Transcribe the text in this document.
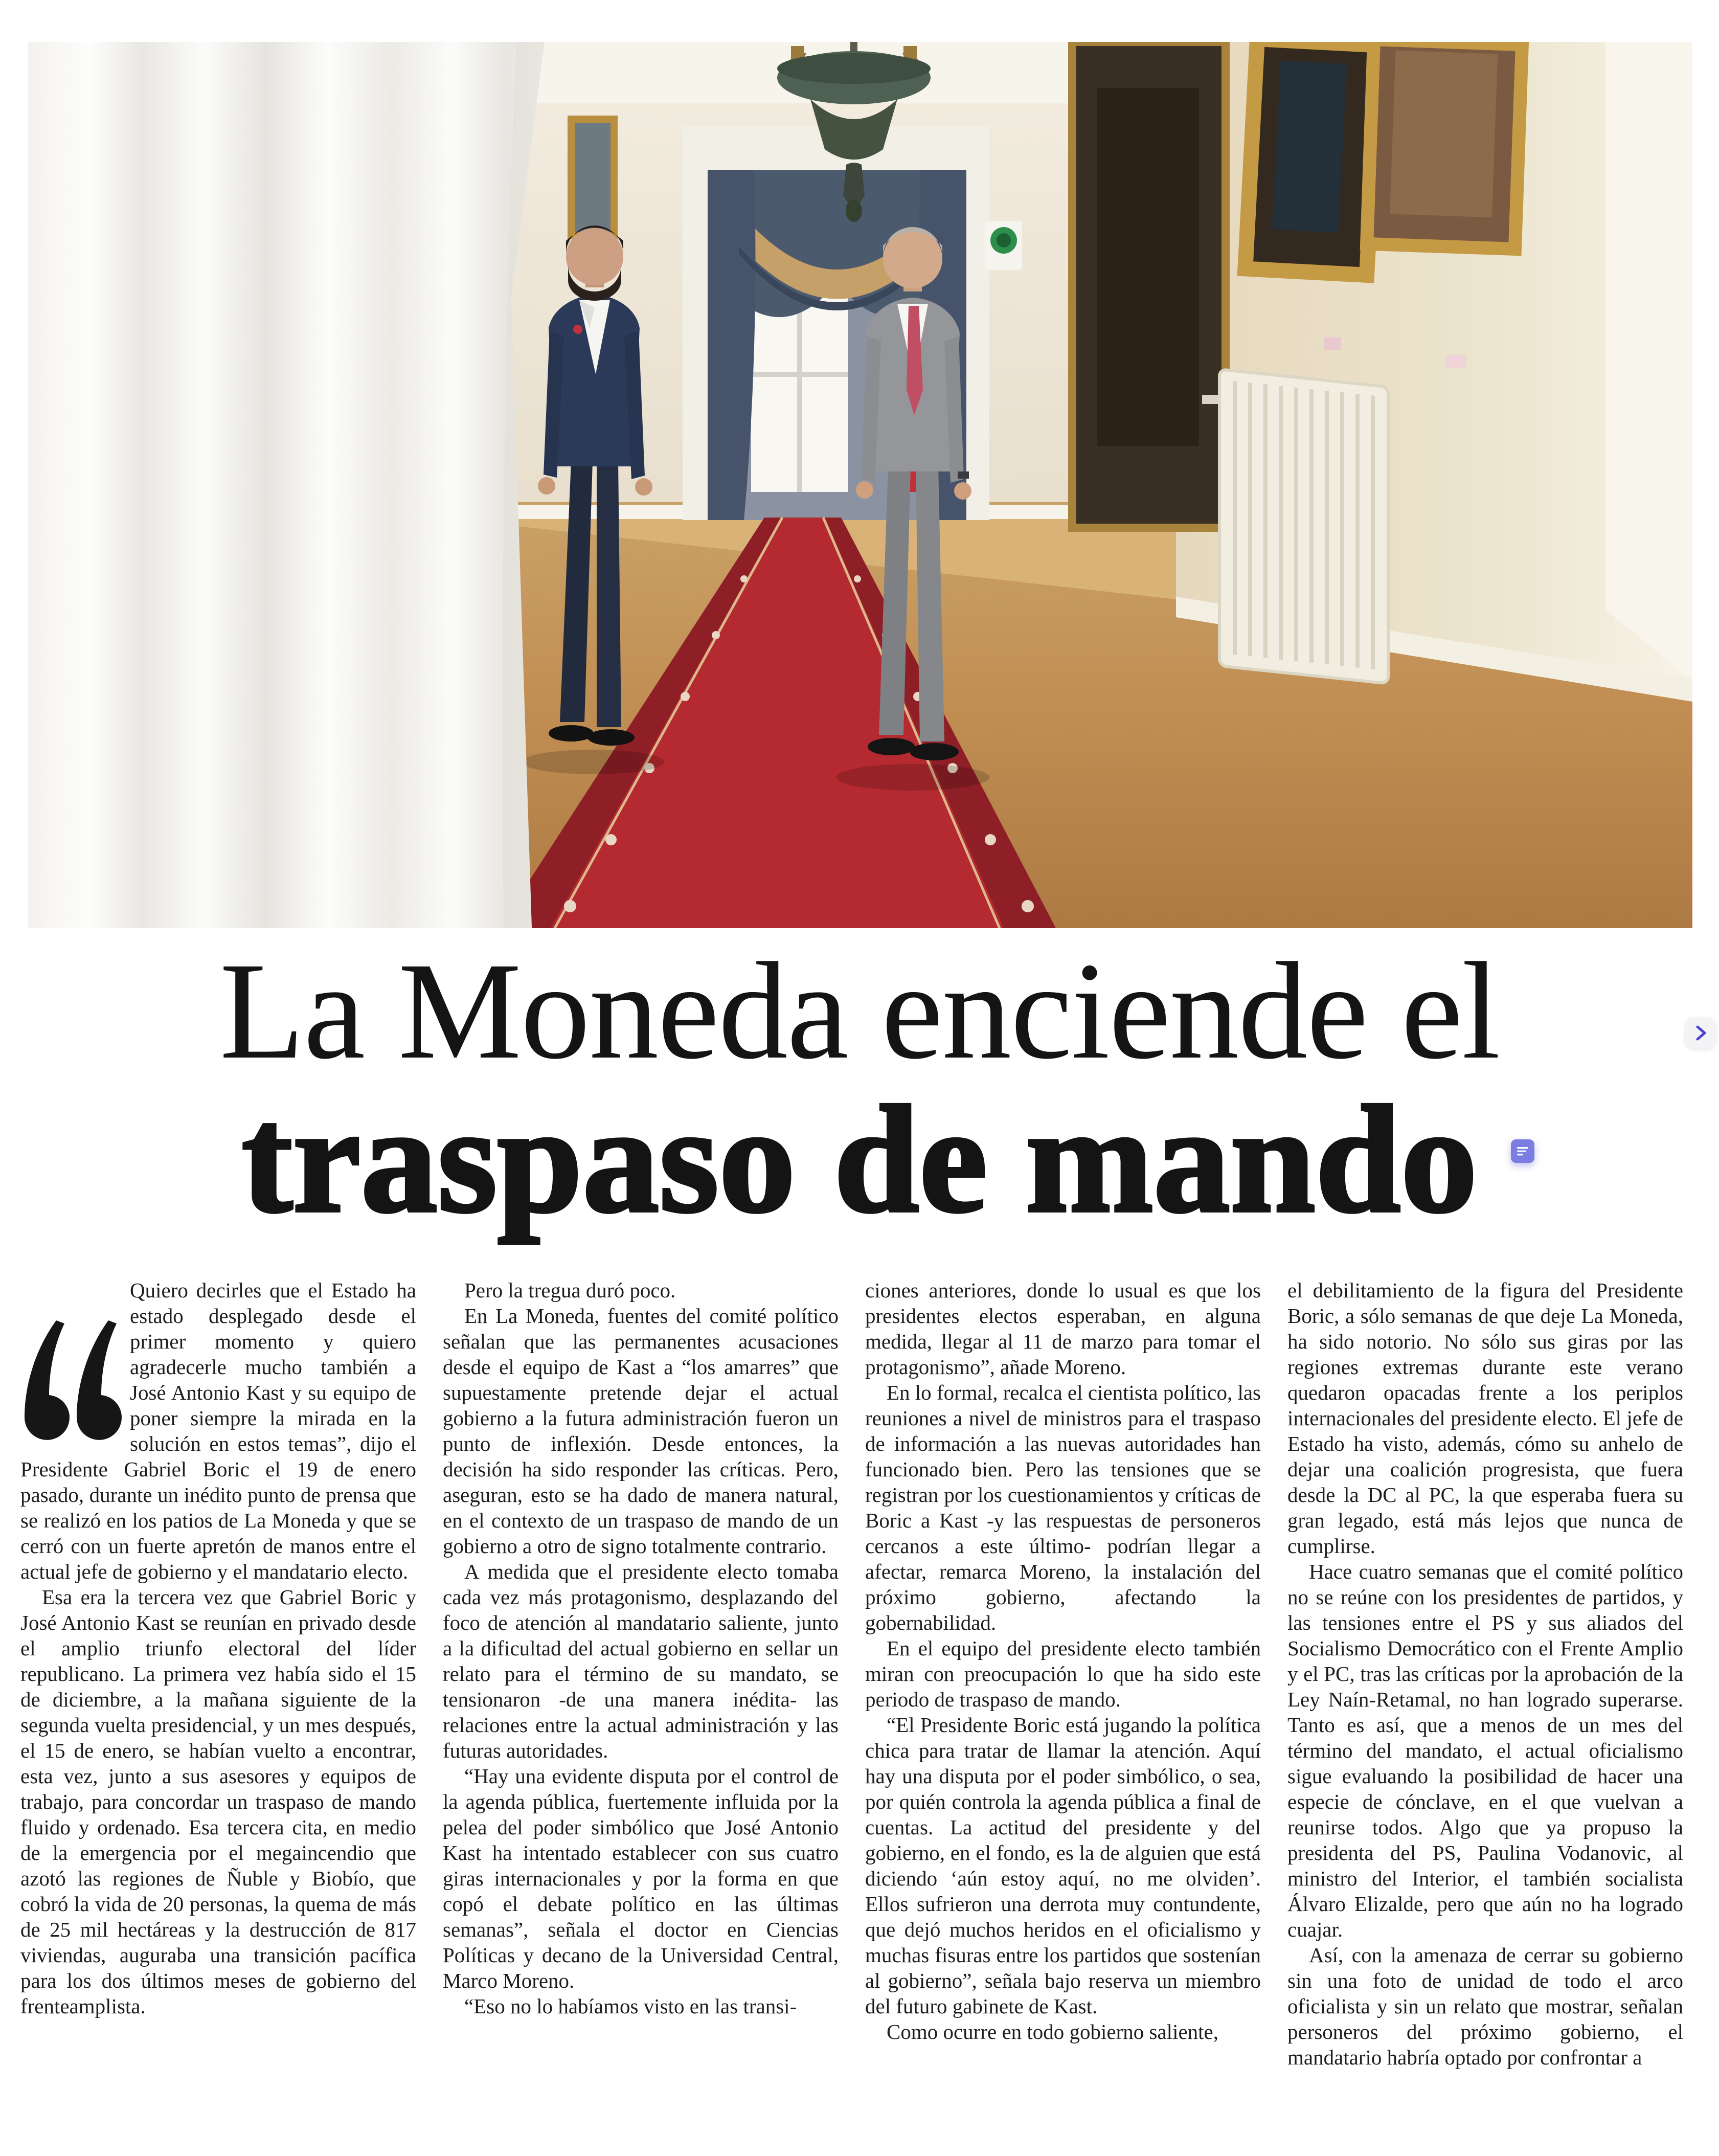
La Moneda enciende el
traspaso de mando

Quiero decirles que el Estado ha estado desplegado desde el primer momento y quiero agradecerle mucho también a José Antonio Kast y su equipo de poner siempre la mirada en la solución en estos temas”, dijo el Presidente Gabriel Boric el 19 de enero pasado, durante un inédito punto de prensa que se realizó en los patios de La Moneda y que se cerró con un fuerte apretón de manos entre el actual jefe de gobierno y el mandatario electo.

Esa era la tercera vez que Gabriel Boric y José Antonio Kast se reunían en privado desde el amplio triunfo electoral del líder republicano. La primera vez había sido el 15 de diciembre, a la mañana siguiente de la segunda vuelta presidencial, y un mes después, el 15 de enero, se habían vuelto a encontrar, esta vez, junto a sus asesores y equipos de trabajo, para concordar un traspaso de mando fluido y ordenado. Esa tercera cita, en medio de la emergencia por el megaincendio que azotó las regiones de Ñuble y Biobío, que cobró la vida de 20 personas, la quema de más de 25 mil hectáreas y la destrucción de 817 viviendas, auguraba una transición pacífica para los dos últimos meses de gobierno del frenteamplista.

Pero la tregua duró poco.

En La Moneda, fuentes del comité político señalan que las permanentes acusaciones desde el equipo de Kast a “los amarres” que supuestamente pretende dejar el actual gobierno a la futura administración fueron un punto de inflexión. Desde entonces, la decisión ha sido responder las críticas. Pero, aseguran, esto se ha dado de manera natural, en el contexto de un traspaso de mando de un gobierno a otro de signo totalmente contrario.

A medida que el presidente electo tomaba cada vez más protagonismo, desplazando del foco de atención al mandatario saliente, junto a la dificultad del actual gobierno en sellar un relato para el término de su mandato, se tensionaron -de una manera inédita- las relaciones entre la actual administración y las futuras autoridades.

“Hay una evidente disputa por el control de la agenda pública, fuertemente influida por la pelea del poder simbólico que José Antonio Kast ha intentado establecer con sus cuatro giras internacionales y por la forma en que copó el debate político en las últimas semanas”, señala el doctor en Ciencias Políticas y decano de la Universidad Central, Marco Moreno.

“Eso no lo habíamos visto en las transi-

ciones anteriores, donde lo usual es que los presidentes electos esperaban, en alguna medida, llegar al 11 de marzo para tomar el protagonismo”, añade Moreno.

En lo formal, recalca el cientista político, las reuniones a nivel de ministros para el traspaso de información a las nuevas autoridades han funcionado bien. Pero las tensiones que se registran por los cuestionamientos y críticas de Boric a Kast -y las respuestas de personeros cercanos a este último- podrían llegar a afectar, remarca Moreno, la instalación del próximo gobierno, afectando la gobernabilidad.

En el equipo del presidente electo también miran con preocupación lo que ha sido este periodo de traspaso de mando.

“El Presidente Boric está jugando la política chica para tratar de llamar la atención. Aquí hay una disputa por el poder simbólico, o sea, por quién controla la agenda pública a final de cuentas. La actitud del presidente y del gobierno, en el fondo, es la de alguien que está diciendo ‘aún estoy aquí, no me olviden’. Ellos sufrieron una derrota muy contundente, que dejó muchos heridos en el oficialismo y muchas fisuras entre los partidos que sostenían al gobierno”, señala bajo reserva un miembro del futuro gabinete de Kast.

Como ocurre en todo gobierno saliente,

el debilitamiento de la figura del Presidente Boric, a sólo semanas de que deje La Moneda, ha sido notorio. No sólo sus giras por las regiones extremas durante este verano quedaron opacadas frente a los periplos internacionales del presidente electo. El jefe de Estado ha visto, además, cómo su anhelo de dejar una coalición progresista, que fuera desde la DC al PC, la que esperaba fuera su gran legado, está más lejos que nunca de cumplirse.

Hace cuatro semanas que el comité político no se reúne con los presidentes de partidos, y las tensiones entre el PS y sus aliados del Socialismo Democrático con el Frente Amplio y el PC, tras las críticas por la aprobación de la Ley Naín-Retamal, no han logrado superarse. Tanto es así, que a menos de un mes del término del mandato, el actual oficialismo sigue evaluando la posibilidad de hacer una especie de cónclave, en el que vuelvan a reunirse todos. Algo que ya propuso la presidenta del PS, Paulina Vodanovic, al ministro del Interior, el también socialista Álvaro Elizalde, pero que aún no ha logrado cuajar.

Así, con la amenaza de cerrar su gobierno sin una foto de unidad de todo el arco oficialista y sin un relato que mostrar, señalan personeros del próximo gobierno, el mandatario habría optado por confrontar a
